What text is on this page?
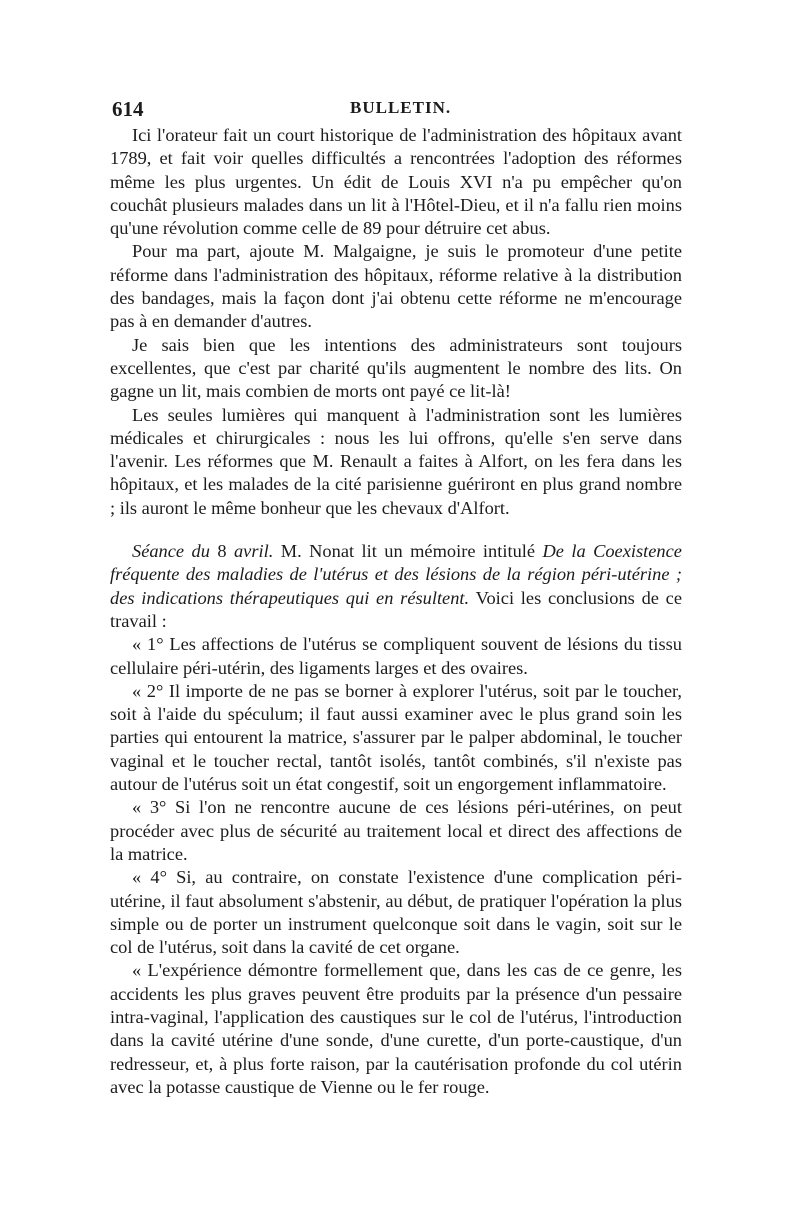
614	BULLETIN.

Ici l'orateur fait un court historique de l'administration des hôpitaux avant 1789, et fait voir quelles difficultés a rencontrées l'adoption des réformes même les plus urgentes. Un édit de Louis XVI n'a pu empêcher qu'on couchât plusieurs malades dans un lit à l'Hôtel-Dieu, et il n'a fallu rien moins qu'une révolution comme celle de 89 pour détruire cet abus.

Pour ma part, ajoute M. Malgaigne, je suis le promoteur d'une petite réforme dans l'administration des hôpitaux, réforme relative à la distribution des bandages, mais la façon dont j'ai obtenu cette réforme ne m'encourage pas à en demander d'autres.

Je sais bien que les intentions des administrateurs sont toujours excellentes, que c'est par charité qu'ils augmentent le nombre des lits. On gagne un lit, mais combien de morts ont payé ce lit-là!

Les seules lumières qui manquent à l'administration sont les lumières médicales et chirurgicales : nous les lui offrons, qu'elle s'en serve dans l'avenir. Les réformes que M. Renault a faites à Alfort, on les fera dans les hôpitaux, et les malades de la cité parisienne guériront en plus grand nombre ; ils auront le même bonheur que les chevaux d'Alfort.

Séance du 8 avril. M. Nonat lit un mémoire intitulé De la Coexistence fréquente des maladies de l'utérus et des lésions de la région péri-utérine ; des indications thérapeutiques qui en résultent. Voici les conclusions de ce travail :

« 1° Les affections de l'utérus se compliquent souvent de lésions du tissu cellulaire péri-utérin, des ligaments larges et des ovaires.

« 2° Il importe de ne pas se borner à explorer l'utérus, soit par le toucher, soit à l'aide du spéculum; il faut aussi examiner avec le plus grand soin les parties qui entourent la matrice, s'assurer par le palper abdominal, le toucher vaginal et le toucher rectal, tantôt isolés, tantôt combinés, s'il n'existe pas autour de l'utérus soit un état congestif, soit un engorgement inflammatoire.

« 3° Si l'on ne rencontre aucune de ces lésions péri-utérines, on peut procéder avec plus de sécurité au traitement local et direct des affections de la matrice.

« 4° Si, au contraire, on constate l'existence d'une complication péri-utérine, il faut absolument s'abstenir, au début, de pratiquer l'opération la plus simple ou de porter un instrument quelconque soit dans le vagin, soit sur le col de l'utérus, soit dans la cavité de cet organe.

« L'expérience démontre formellement que, dans les cas de ce genre, les accidents les plus graves peuvent être produits par la présence d'un pessaire intra-vaginal, l'application des caustiques sur le col de l'utérus, l'introduction dans la cavité utérine d'une sonde, d'une curette, d'un porte-caustique, d'un redresseur, et, à plus forte raison, par la cautérisation profonde du col utérin avec la potasse caustique de Vienne ou le fer rouge.
